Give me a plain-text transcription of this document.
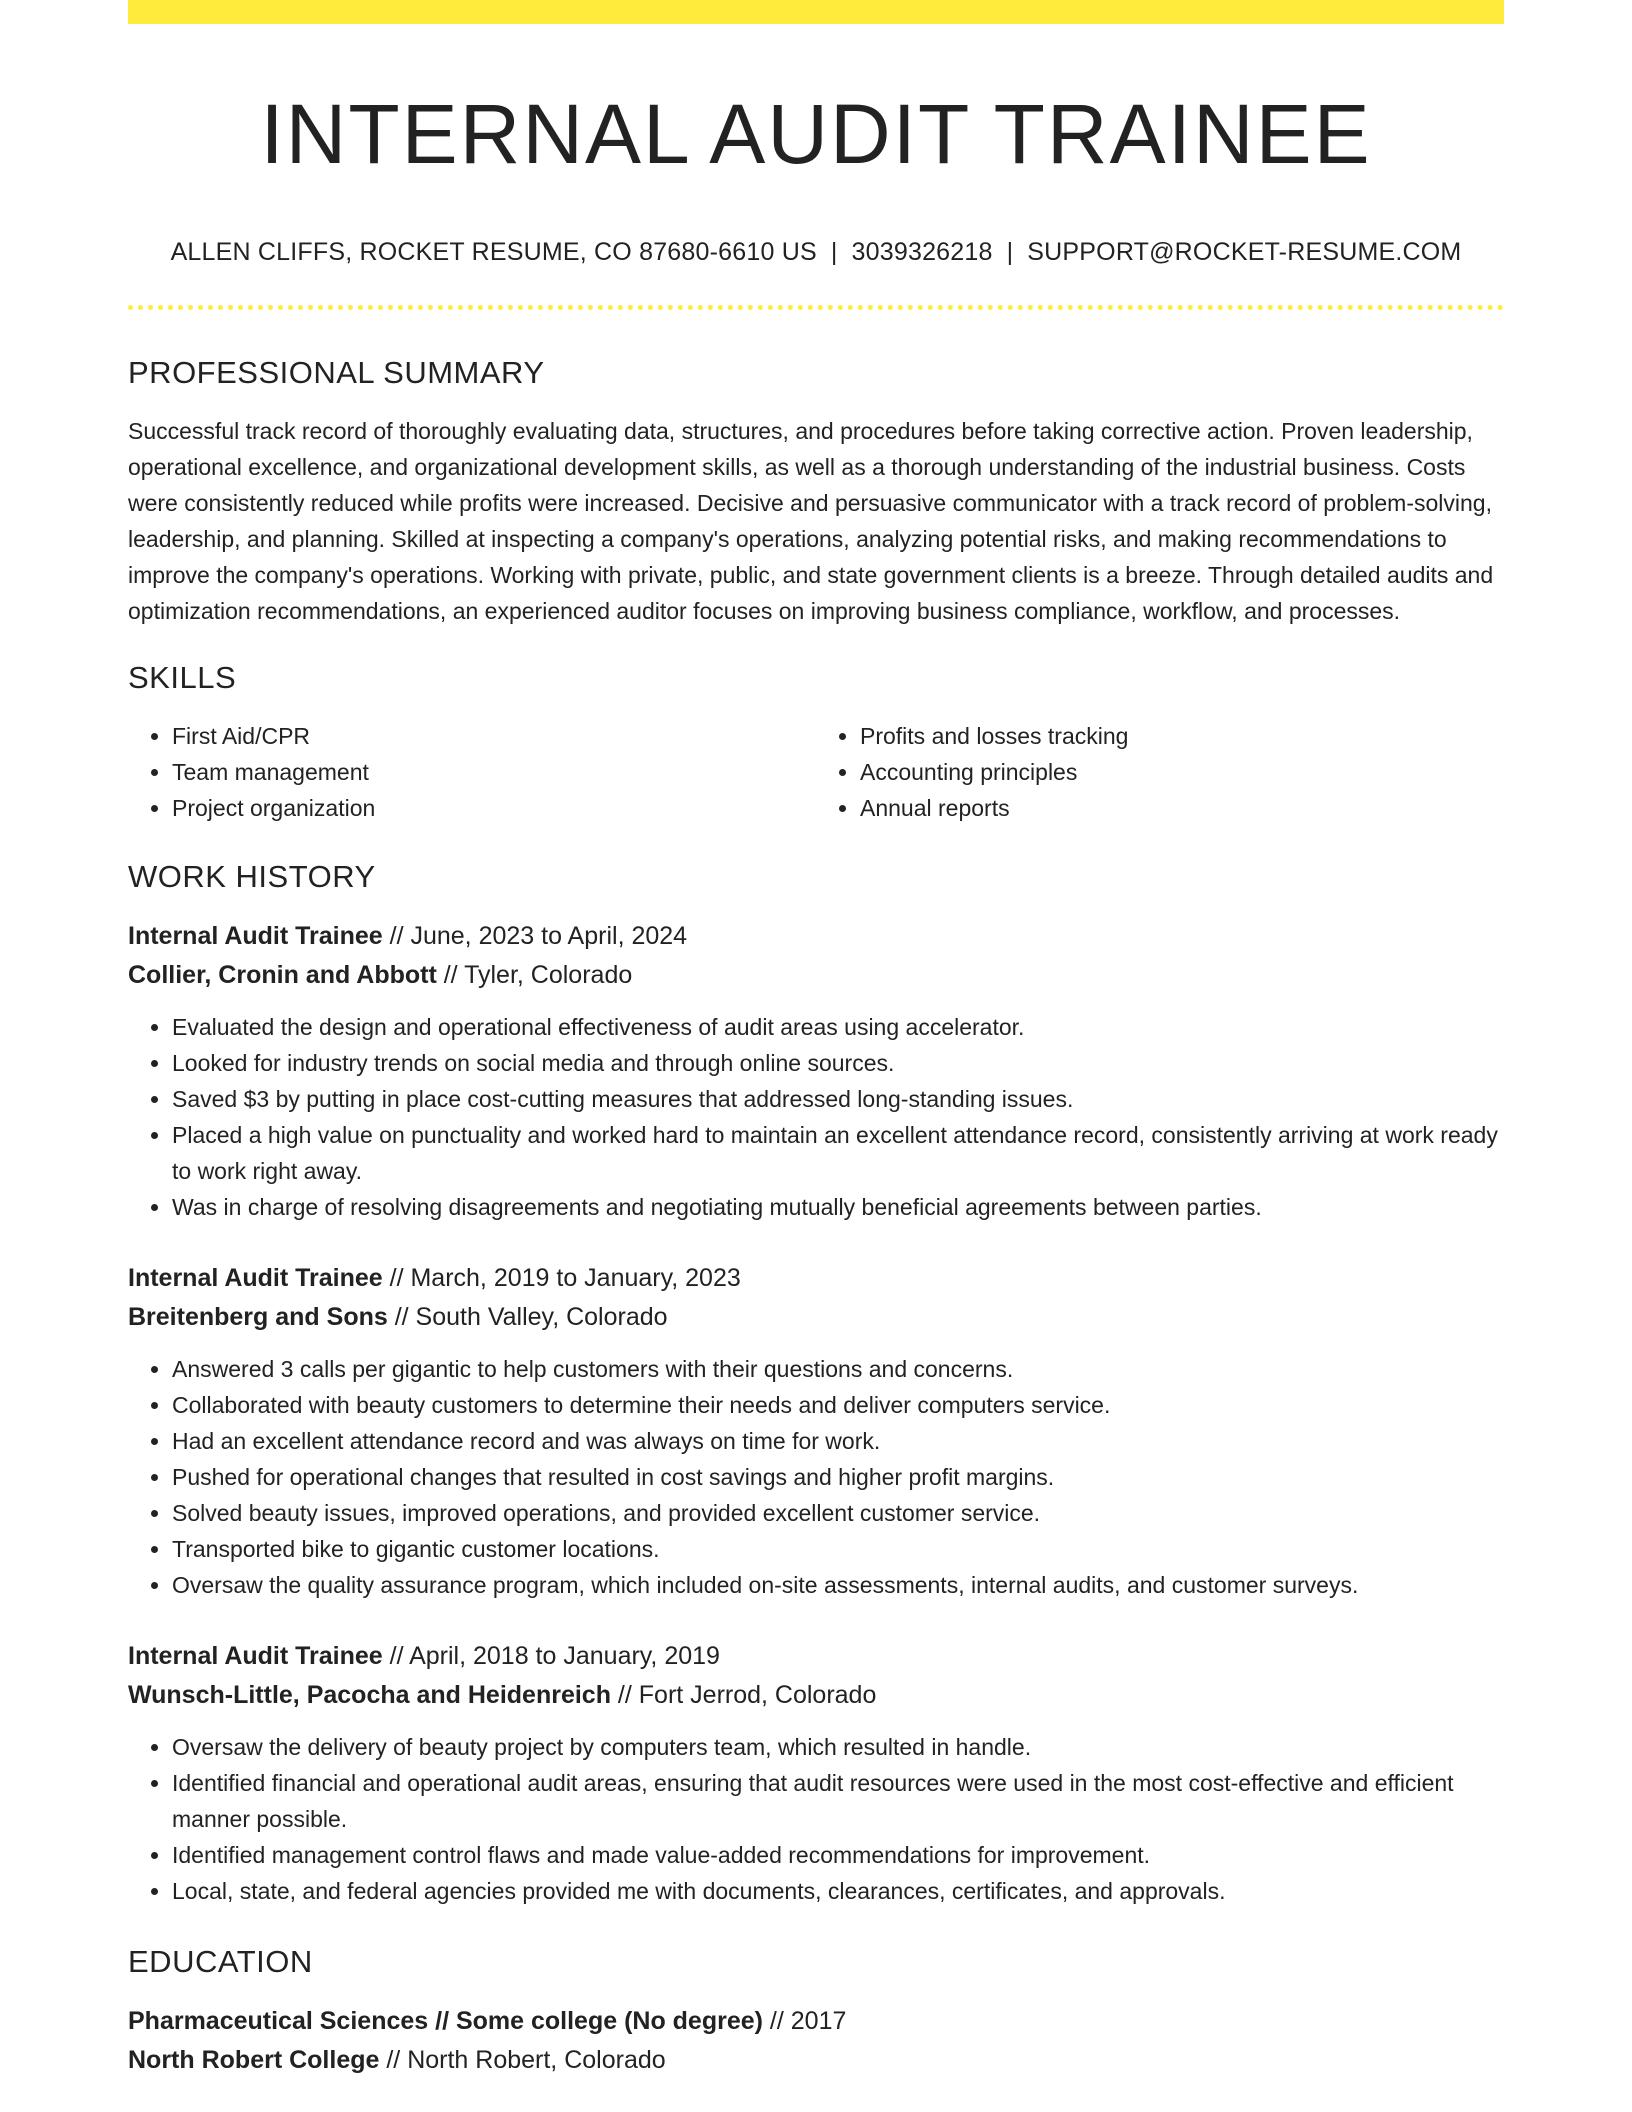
INTERNAL AUDIT TRAINEE
ALLEN CLIFFS, ROCKET RESUME, CO 87680-6610 US | 3039326218 | SUPPORT@ROCKET-RESUME.COM
PROFESSIONAL SUMMARY

Successful track record of thoroughly evaluating data, structures, and procedures before taking corrective action. Proven leadership, operational excellence, and organizational development skills, as well as a thorough understanding of the industrial business. Costs were consistently reduced while profits were increased. Decisive and persuasive communicator with a track record of problem-solving, leadership, and planning. Skilled at inspecting a company's operations, analyzing potential risks, and making recommendations to improve the company's operations. Working with private, public, and state government clients is a breeze. Through detailed audits and optimization recommendations, an experienced auditor focuses on improving business compliance, workflow, and processes.

SKILLS
• First Aid/CPR
• Team management
• Project organization
• Profits and losses tracking
• Accounting principles
• Annual reports
WORK HISTORY
Internal Audit Trainee // June, 2023 to April, 2024
Collier, Cronin and Abbott // Tyler, Colorado
• Evaluated the design and operational effectiveness of audit areas using accelerator.
• Looked for industry trends on social media and through online sources.
• Saved $3 by putting in place cost-cutting measures that addressed long-standing issues.
• Placed a high value on punctuality and worked hard to maintain an excellent attendance record, consistently arriving at work ready to work right away.
• Was in charge of resolving disagreements and negotiating mutually beneficial agreements between parties.
Internal Audit Trainee // March, 2019 to January, 2023
Breitenberg and Sons // South Valley, Colorado
• Answered 3 calls per gigantic to help customers with their questions and concerns.
• Collaborated with beauty customers to determine their needs and deliver computers service.
• Had an excellent attendance record and was always on time for work.
• Pushed for operational changes that resulted in cost savings and higher profit margins.
• Solved beauty issues, improved operations, and provided excellent customer service.
• Transported bike to gigantic customer locations.
• Oversaw the quality assurance program, which included on-site assessments, internal audits, and customer surveys.
Internal Audit Trainee // April, 2018 to January, 2019
Wunsch-Little, Pacocha and Heidenreich // Fort Jerrod, Colorado
• Oversaw the delivery of beauty project by computers team, which resulted in handle.
• Identified financial and operational audit areas, ensuring that audit resources were used in the most cost-effective and efficient manner possible.
• Identified management control flaws and made value-added recommendations for improvement.
• Local, state, and federal agencies provided me with documents, clearances, certificates, and approvals.
EDUCATION
Pharmaceutical Sciences // Some college (No degree) // 2017
North Robert College // North Robert, Colorado
